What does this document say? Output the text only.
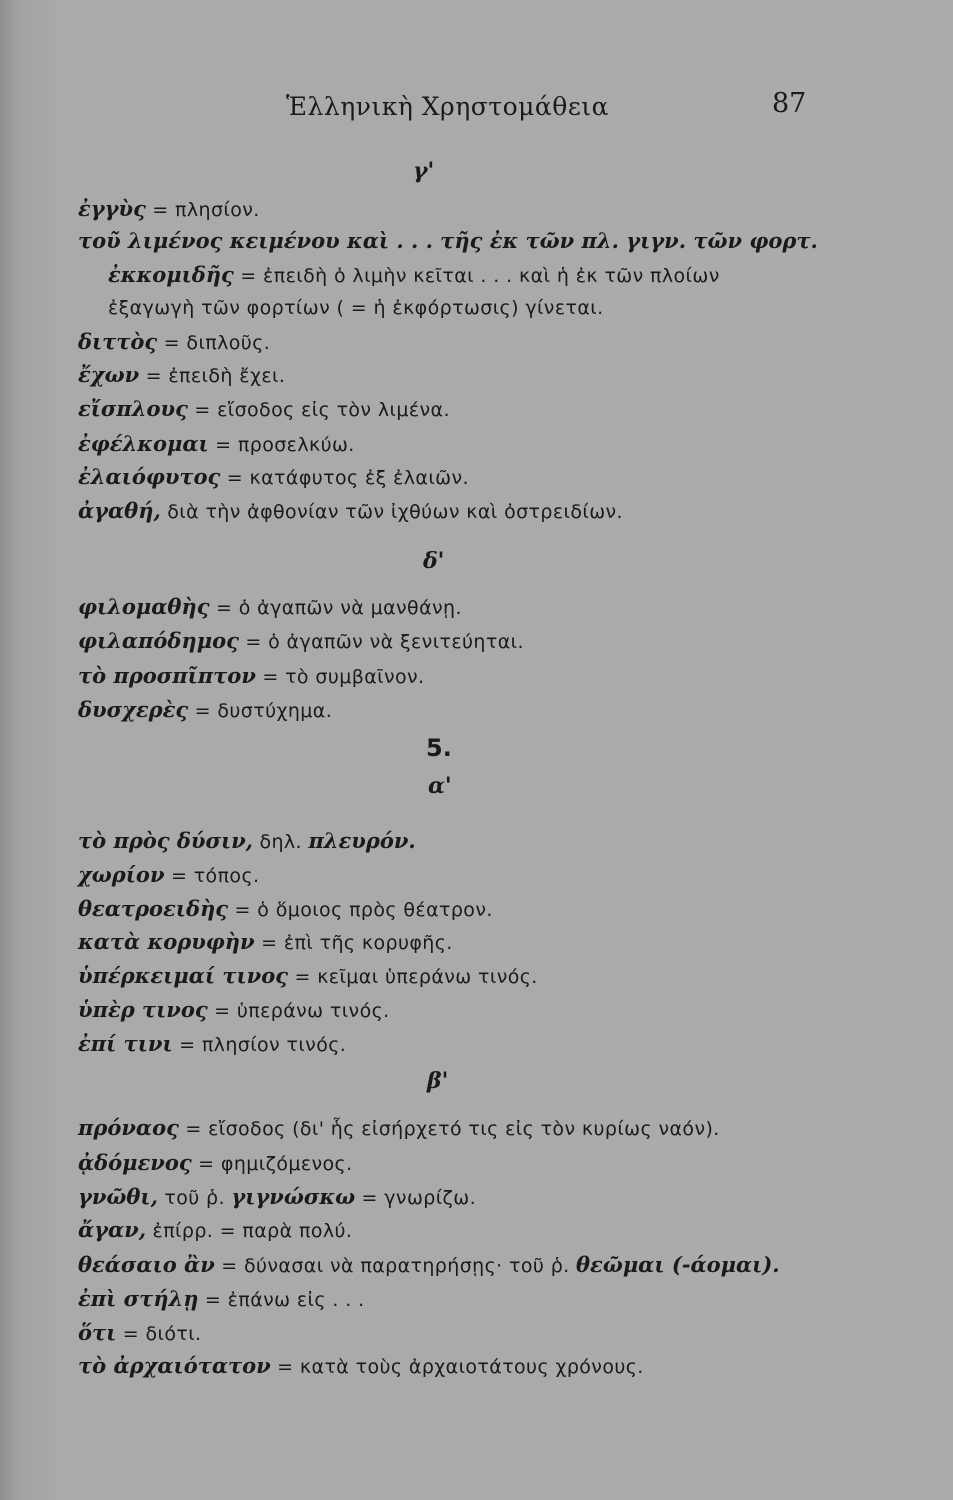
Ἑλληνικὴ Χρηστομάθεια	87
γ'
ἐγγὺς = πλησίον.
τοῦ λιμένος κειμένου καὶ . . . τῆς ἐκ τῶν πλ. γιγν. τῶν φορτ.
ἐκκομιδῆς = ἐπειδὴ ὁ λιμὴν κεῖται . . . καὶ ἡ ἐκ τῶν πλοίων
ἐξαγωγὴ τῶν φορτίων ( = ἡ ἐκφόρτωσις) γίνεται.
διττὸς = διπλοῦς.
ἔχων = ἐπειδὴ ἔχει.
εἴσπλους = εἴσοδος εἰς τὸν λιμένα.
ἐφέλκομαι = προσελκύω.
ἐλαιόφυτος = κατάφυτος ἐξ ἐλαιῶν.
ἀγαθή, διὰ τὴν ἀφθονίαν τῶν ἰχθύων καὶ ὀστρειδίων.
δ'
φιλομαθὴς = ὁ ἀγαπῶν νὰ μανθάνῃ.
φιλαπόδημος = ὁ ἀγαπῶν νὰ ξενιτεύηται.
τὸ προσπῖπτον = τὸ συμβαῖνον.
δυσχερὲς = δυστύχημα.
5.
α'
τὸ πρὸς δύσιν, δηλ. πλευρόν.
χωρίον = τόπος.
θεατροειδὴς = ὁ ὅμοιος πρὸς θέατρον.
κατὰ κορυφὴν = ἐπὶ τῆς κορυφῆς.
ὑπέρκειμαί τινος = κεῖμαι ὑπεράνω τινός.
ὑπὲρ τινος = ὑπεράνω τινός.
ἐπί τινι = πλησίον τινός.
β'
πρόναος = εἴσοδος (δι' ἧς εἰσήρχετό τις εἰς τὸν κυρίως ναόν).
ᾀδόμενος = φημιζόμενος.
γνῶθι, τοῦ ῥ. γιγνώσκω = γνωρίζω.
ἄγαν, ἐπίρρ. = παρὰ πολύ.
θεάσαιο ἂν = δύνασαι νὰ παρατηρήσῃς· τοῦ ῥ. θεῶμαι (-άομαι).
ἐπὶ στήλῃ = ἐπάνω εἰς . . .
ὅτι = διότι.
τὸ ἀρχαιότατον = κατὰ τοὺς ἀρχαιοτάτους χρόνους.
